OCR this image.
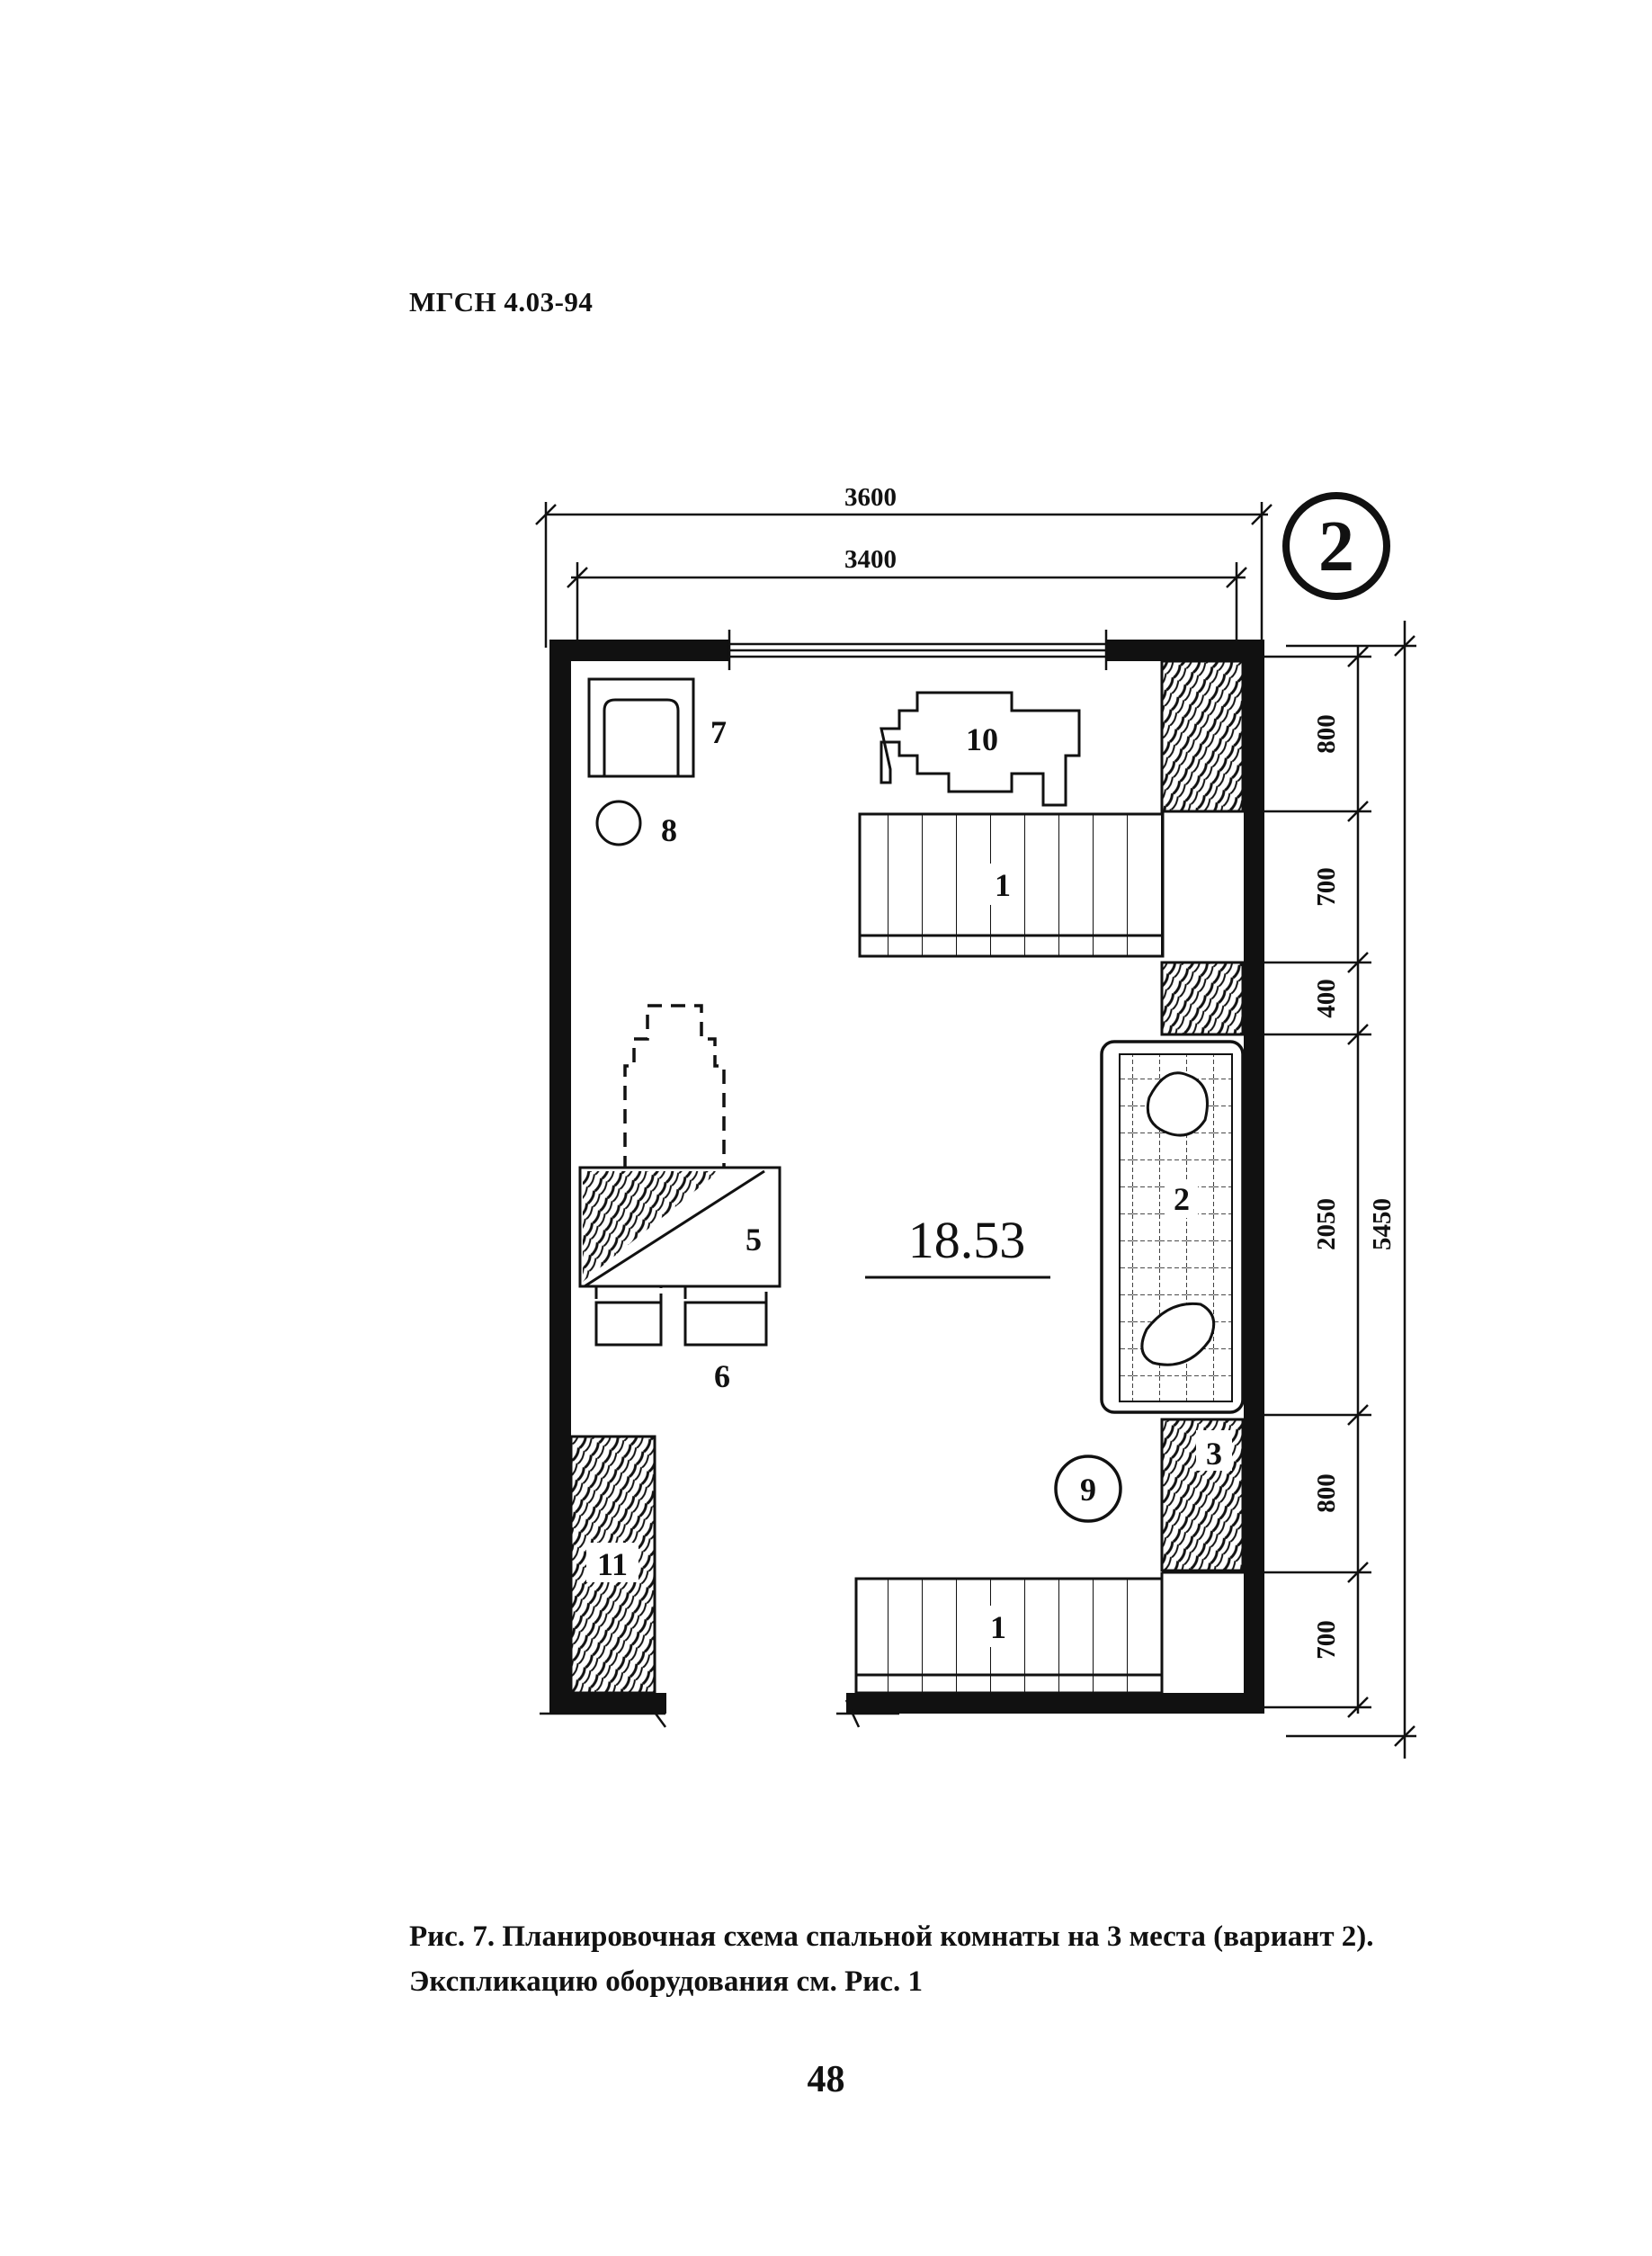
МГСН 4.03-94
3600
3400	2
800
700
400
2050
800
700
5450
7
8
10
1
2
18.53
5
6
3
9
11
1
Рис. 7. Планировочная схема спальной комнаты на 3 места (вариант 2).
Экспликацию оборудования см. Рис. 1
48
